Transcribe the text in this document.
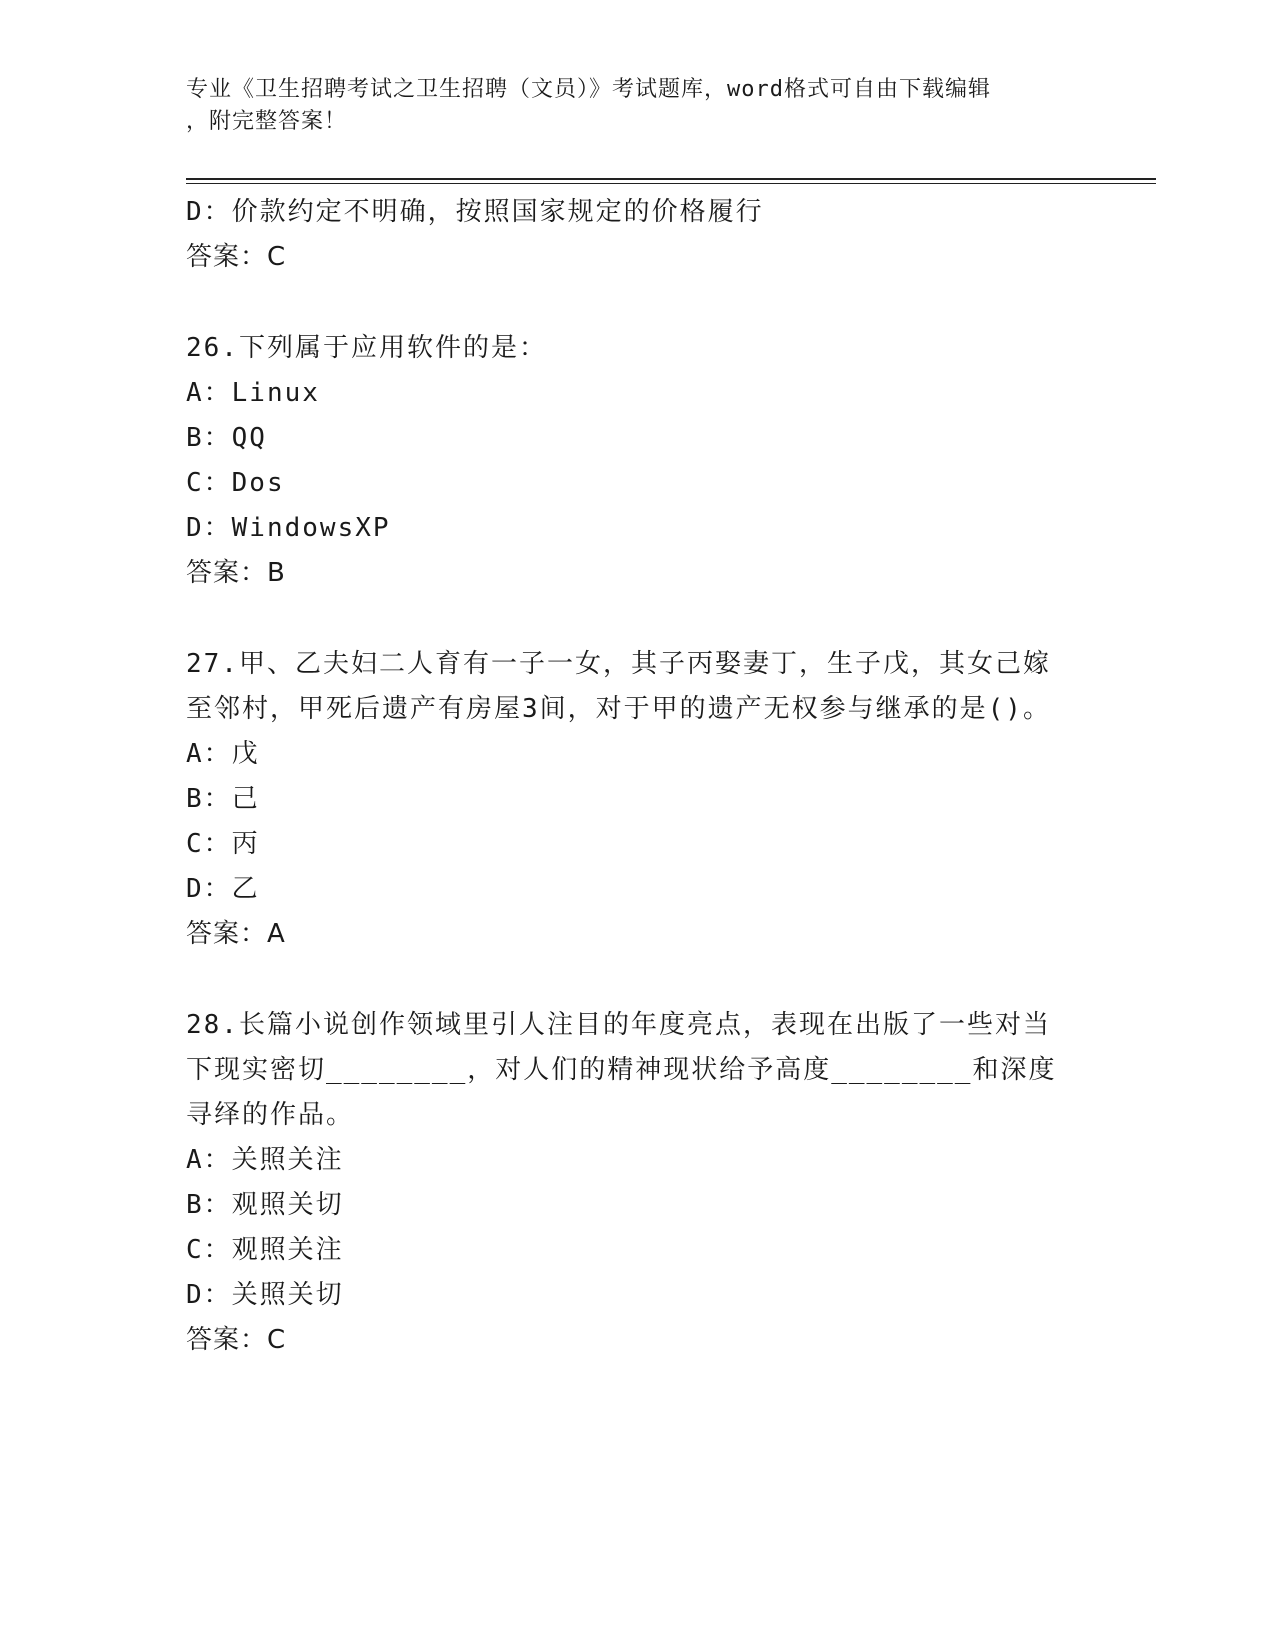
专业《卫生招聘考试之卫生招聘（文员）》考试题库，word格式可自由下载编辑
，附完整答案！
D：价款约定不明确，按照国家规定的价格履行
答案：C
26.下列属于应用软件的是：
A：Linux
B：QQ
C：Dos
D：WindowsXP
答案：B
27.甲、乙夫妇二人育有一子一女，其子丙娶妻丁，生子戊，其女己嫁至邻村，甲死后遗产有房屋3间，对于甲的遗产无权参与继承的是()。
A：戊
B：己
C：丙
D：乙
答案：A
28.长篇小说创作领域里引人注目的年度亮点，表现在出版了一些对当下现实密切________，对人们的精神现状给予高度________和深度寻绎的作品。
A：关照关注
B：观照关切
C：观照关注
D：关照关切
答案：C
